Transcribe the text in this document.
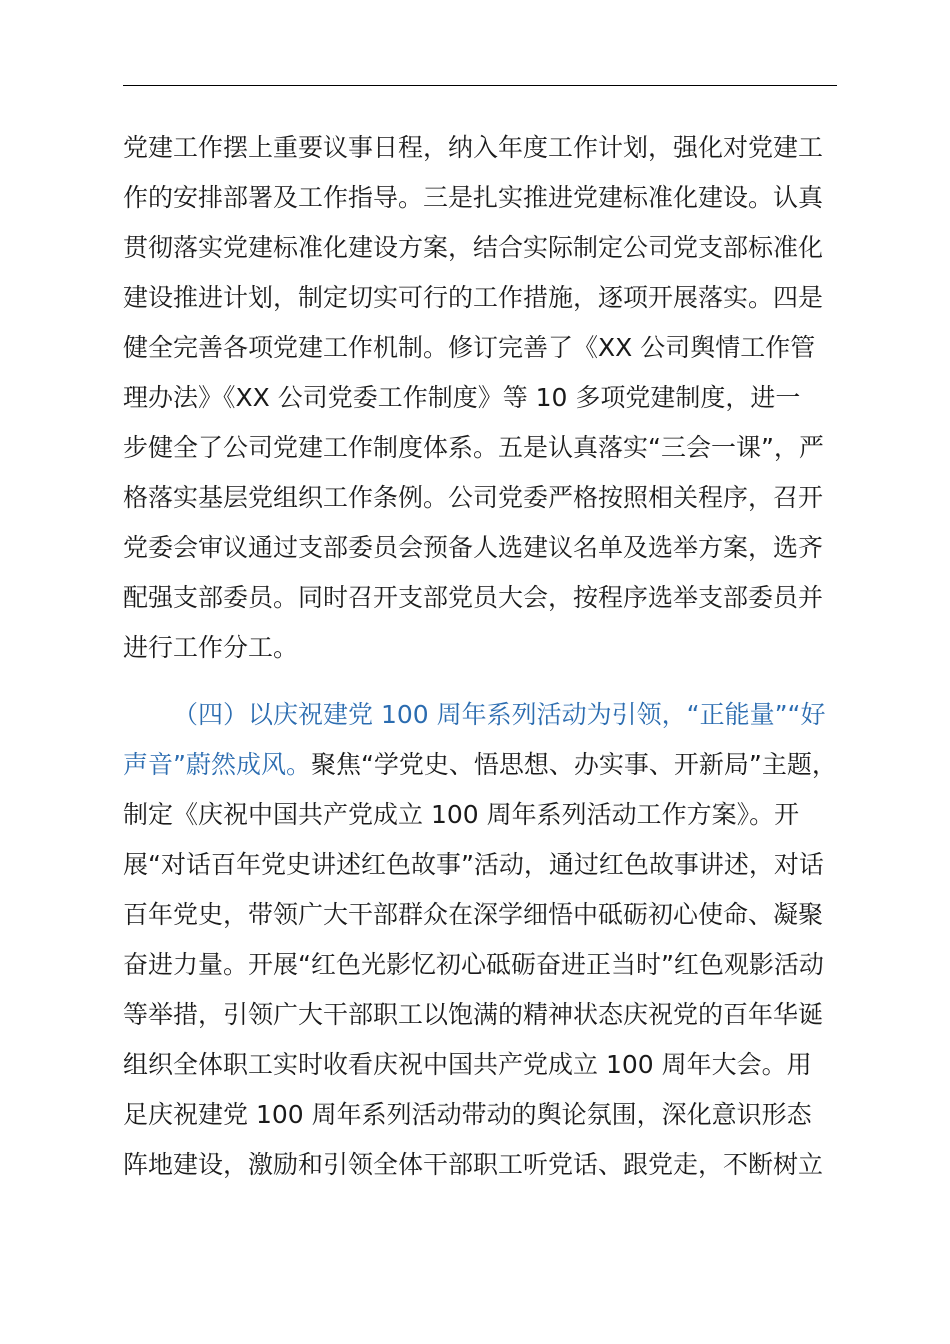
党建工作摆上重要议事日程，纳入年度工作计划，强化对党建工
作的安排部署及工作指导。三是扎实推进党建标准化建设。认真
贯彻落实党建标准化建设方案，结合实际制定公司党支部标准化
建设推进计划，制定切实可行的工作措施，逐项开展落实。四是
健全完善各项党建工作机制。修订完善了《XX 公司舆情工作管
理办法》《XX 公司党委工作制度》等 10 多项党建制度，进一
步健全了公司党建工作制度体系。五是认真落实“三会一课”，严
格落实基层党组织工作条例。公司党委严格按照相关程序，召开
党委会审议通过支部委员会预备人选建议名单及选举方案，选齐
配强支部委员。同时召开支部党员大会，按程序选举支部委员并
进行工作分工。
（四）以庆祝建党 100 周年系列活动为引领，“正能量”“好
声音”蔚然成风。聚焦“学党史、悟思想、办实事、开新局”主题，
制定《庆祝中国共产党成立 100 周年系列活动工作方案》。开
展“对话百年党史讲述红色故事”活动，通过红色故事讲述，对话
百年党史，带领广大干部群众在深学细悟中砥砺初心使命、凝聚
奋进力量。开展“红色光影忆初心砥砺奋进正当时”红色观影活动
等举措，引领广大干部职工以饱满的精神状态庆祝党的百年华诞
组织全体职工实时收看庆祝中国共产党成立 100 周年大会。用
足庆祝建党 100 周年系列活动带动的舆论氛围，深化意识形态
阵地建设，激励和引领全体干部职工听党话、跟党走，不断树立
